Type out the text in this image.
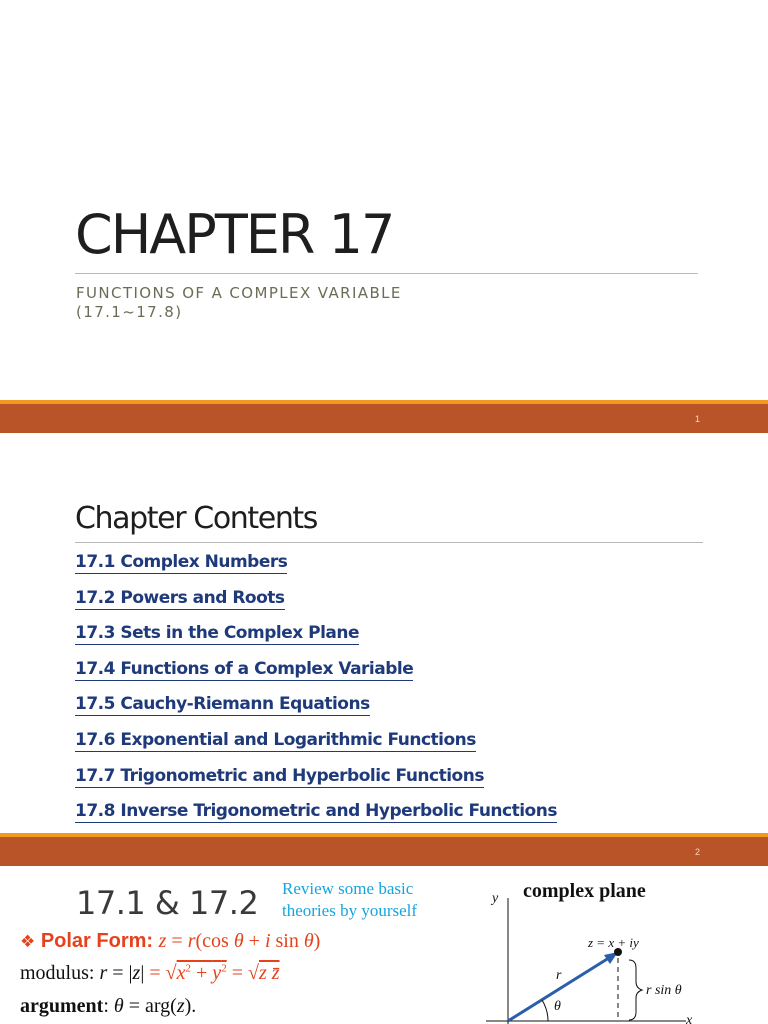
CHAPTER 17
FUNCTIONS OF A COMPLEX VARIABLE
(17.1~17.8)
1
Chapter Contents
17.1 Complex Numbers
17.2 Powers and Roots
17.3 Sets in the Complex Plane
17.4 Functions of a Complex Variable
17.5 Cauchy-Riemann Equations
17.6 Exponential and Logarithmic Functions
17.7 Trigonometric and Hyperbolic Functions
17.8 Inverse Trigonometric and Hyperbolic Functions
2
17.1 & 17.2 Review some basic theories by yourself
❖ Polar Form: z = r(cos θ + i sin θ)
modulus: $r = |z| = √x^2 + y^2 = √z$ z̄
argument: θ = arg(z).
complex plane
y
x
θ
r
z = x + iy
r sin θ
